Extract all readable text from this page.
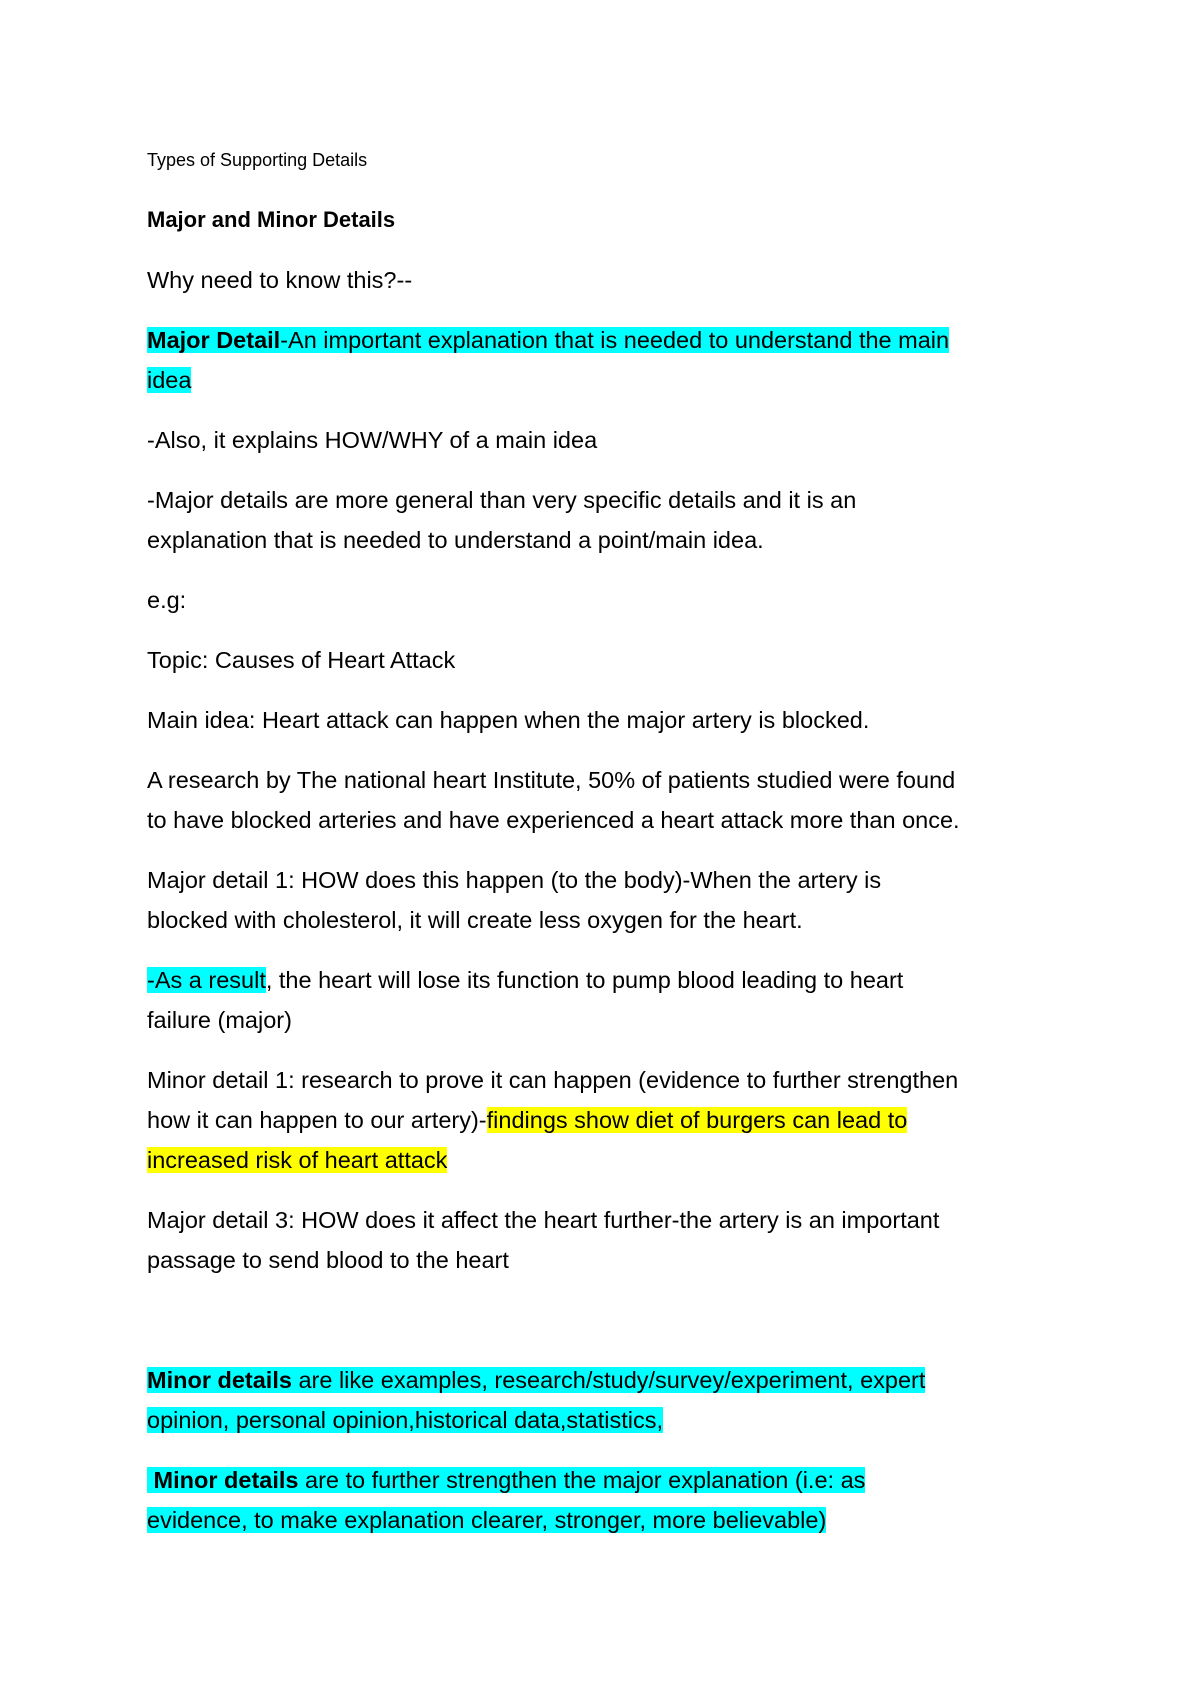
Types of Supporting Details

Major and Minor Details

Why need to know this?--

Major Detail-An important explanation that is needed to understand the main
idea

-Also, it explains HOW/WHY of a main idea

-Major details are more general than very specific details and it is an
explanation that is needed to understand a point/main idea.

e.g:

Topic: Causes of Heart Attack

Main idea: Heart attack can happen when the major artery is blocked.

A research by The national heart Institute, 50% of patients studied were found
to have blocked arteries and have experienced a heart attack more than once.

Major detail 1: HOW does this happen (to the body)-When the artery is
blocked with cholesterol, it will create less oxygen for the heart.

-As a result, the heart will lose its function to pump blood leading to heart
failure (major)

Minor detail 1: research to prove it can happen (evidence to further strengthen
how it can happen to our artery)-findings show diet of burgers can lead to
increased risk of heart attack

Major detail 3: HOW does it affect the heart further-the artery is an important
passage to send blood to the heart

Minor details are like examples, research/study/survey/experiment, expert
opinion, personal opinion,historical data,statistics,

Minor details are to further strengthen the major explanation (i.e: as
evidence, to make explanation clearer, stronger, more believable)
